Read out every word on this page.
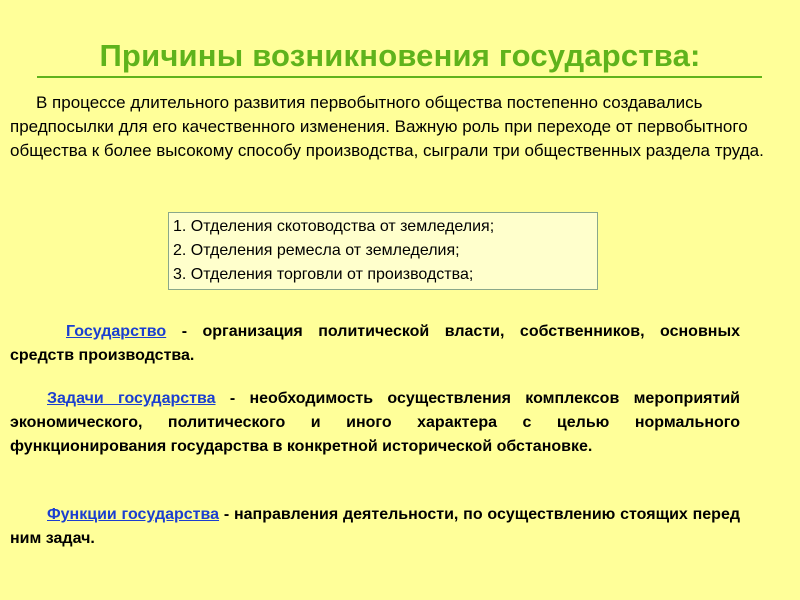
Причины возникновения государства:
В процессе длительного развития первобытного общества постепенно создавались предпосылки для его качественного изменения. Важную роль при переходе от первобытного общества к более высокому способу производства, сыграли три общественных раздела труда.
1. Отделения скотоводства от земледелия;
2. Отделения ремесла от земледелия;
3. Отделения торговли от производства;
Государство - организация политической власти, собственников, основных средств производства.
Задачи государства - необходимость осуществления комплексов мероприятий экономического, политического и иного характера с целью нормального функционирования государства в конкретной исторической обстановке.
Функции государства - направления деятельности, по осуществлению стоящих перед ним задач.
